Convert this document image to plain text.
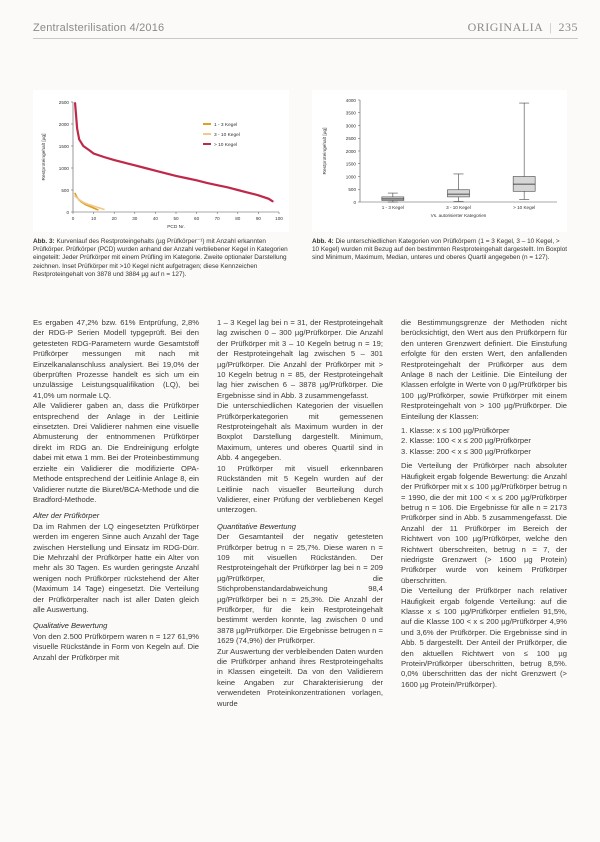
Zentralsterilisation 4/2016	ORIGINALIA | 235
0
500
1000
1500
2000
2500
0	10	20	30	40	50	60	70	80	90	100
PCD Nr.
Restproteingehalt [µg]
1 - 3 Kegel
3 - 10 Kegel
> 10 Kegel
Abb. 3: Kurvenlauf des Restproteingehalts (µg Prüfkörper⁻¹) mit Anzahl erkannten Prüfkörper. Prüfkörper (PCD) wurden anhand der Anzahl verbliebener Kegel in Kategorien eingeteilt: Jeder Prüfkörper mit einem Prüfling im Kategorie. Zweite optionaler Darstellung zeichnen. Inset Prüfkörper mit >10 Kegel nicht aufgetragen; diese Kennzeichen Restproteingehalt von 3878 und 3884 µg auf n = 127).
0
500
1000
1500
2000
2500
3000
3500
4000
Restproteingehalt [µg]
1 - 3 Kegel	3 - 10 Kegel	> 10 Kegel
Vs. autorisierter Kategorien
Abb. 4: Die unterschiedlichen Kategorien von Prüfkörpern (1 = 3 Kegel, 3 – 10 Kegel, > 10 Kegel) wurden mit Bezug auf den bestimmten Restproteingehalt dargestellt. Im Boxplot sind Minimum, Maximum, Median, unteres und oberes Quartil angegeben (n = 127).

Es ergaben 47,2% bzw. 61% Entprüfung, 2,8% der RDG-P Serien Modell typgeprüft. Bei den getesteten RDG-Parametern wurde Gesamtstoff Prüfkörper messungen mit nach mit Einzelkanalanschluss analysiert. Bei 19,0% der überprüften Prozesse handelt es sich um ein unzulässige Leistungsqualifikation (LQ), bei 41,0% um normale LQ.

Alle Validierer gaben an, dass die Prüfkörper entsprechend der Anlage in der Leitlinie einsetzten. Drei Validierer nahmen eine visuelle Abmusterung der entnommenen Prüfkörper direkt im RDG an. Die Endreinigung erfolgte dabei mit etwa 1 mm. Bei der Proteinbestimmung erzielte ein Validierer die modifizierte OPA-Methode entsprechend der Leitlinie Anlage 8, ein Validierer nutzte die Biuret/BCA-Methode und die Bradford-Methode.

Alter der Prüfkörper

Da im Rahmen der LQ eingesetzten Prüfkörper werden im engeren Sinne auch Anzahl der Tage zwischen Herstellung und Einsatz im RDG-Dürr. Die Mehrzahl der Prüfkörper hatte ein Alter von mehr als 30 Tagen. Es wurden geringste Anzahl wenigen noch Prüfkörper rückstehend der Alter (Maximum 14 Tage) eingesetzt. Die Verteilung der Prüfkörperalter nach ist aller Daten gleich alle Auswertung.

Qualitative Bewertung

Von den 2.500 Prüfkörpern waren n = 127 61,9% visuelle Rückstände in Form von Kegeln auf. Die Anzahl der Prüfkörper mit

1 – 3 Kegel lag bei n = 31, der Restproteingehalt lag zwischen 0 – 300 µg/Prüfkörper. Die Anzahl der Prüfkörper mit 3 – 10 Kegeln betrug n = 19; der Restproteingehalt lag zwischen 5 – 301 µg/Prüfkörper. Die Anzahl der Prüfkörper mit > 10 Kegeln betrug n = 85, der Restproteingehalt lag hier zwischen 6 – 3878 µg/Prüfkörper. Die Ergebnisse sind in Abb. 3 zusammengefasst.

Die unterschiedlichen Kategorien der visuellen Prüfkörperkategorien mit gemessenen Restproteingehalt als Maximum wurden in der Boxplot Darstellung dargestellt. Minimum, Maximum, unteres und oberes Quartil sind in Abb. 4 angegeben.

10 Prüfkörper mit visuell erkennbaren Rückständen mit 5 Kegeln wurden auf der Leitlinie nach visueller Beurteilung durch Validierer, einer Prüfung der verbliebenen Kegel unterzogen.

Quantitative Bewertung

Der Gesamtanteil der negativ getesteten Prüfkörper betrug n = 25,7%. Diese waren n = 109 mit visuellen Rückständen. Der Restproteingehalt der Prüfkörper lag bei n = 209 µg/Prüfkörper, die Stichprobenstandardabweichung 98,4 µg/Prüfkörper bei n = 25,3%. Die Anzahl der Prüfkörper, für die kein Restproteingehalt bestimmt werden konnte, lag zwischen 0 und 3878 µg/Prüfkörper. Die Ergebnisse betrugen n = 1629 (74,9%) der Prüfkörper.

Zur Auswertung der verbleibenden Daten wurden die Prüfkörper anhand ihres Restproteingehalts in Klassen eingeteilt. Da von den Validierern keine Angaben zur Charakterisierung der verwendeten Proteinkonzentrationen vorlagen, wurde

die Bestimmungsgrenze der Methoden nicht berücksichtigt, den Wert aus den Prüfkörpern für den unteren Grenzwert definiert. Die Einstufung erfolgte für den ersten Wert, den anfallenden Restproteingehalt der Prüfkörper aus dem Anlage 8 nach der Leitlinie. Die Einteilung der Klassen erfolgte in Werte von 0 µg/Prüfkörper bis 100 µg/Prüfkörper, sowie Prüfkörper mit einem Restproteingehalt von > 100 µg/Prüfkörper. Die Einteilung der Klassen:

1. Klasse: x ≤ 100 µg/Prüfkörper
2. Klasse: 100 < x ≤ 200 µg/Prüfkörper
3. Klasse: 200 < x ≤ 300 µg/Prüfkörper

Die Verteilung der Prüfkörper nach absoluter Häufigkeit ergab folgende Bewertung: die Anzahl der Prüfkörper mit x ≤ 100 µg/Prüfkörper betrug n = 1990, die der mit 100 < x ≤ 200 µg/Prüfkörper betrug n = 106. Die Ergebnisse für alle n = 2173 Prüfkörper sind in Abb. 5 zusammengefasst. Die Anzahl der 11 Prüfkörper im Bereich der Richtwert von 100 µg/Prüfkörper, welche den Richtwert überschreiten, betrug n = 7, der niedrigste Grenzwert (> 1600 µg Protein) Prüfkörper wurde von keinem Prüfkörper überschritten.

Die Verteilung der Prüfkörper nach relativer Häufigkeit ergab folgende Verteilung: auf die Klasse x ≤ 100 µg/Prüfkörper entfielen 91,5%, auf die Klasse 100 < x ≤ 200 µg/Prüfkörper 4,9% und 3,6% der Prüfkörper. Die Ergebnisse sind in Abb. 5 dargestellt. Der Anteil der Prüfkörper, die den aktuellen Richtwert von ≤ 100 µg Protein/Prüfkörper überschritten, betrug 8,5%. 0,0% überschritten das der nicht Grenzwert (> 1600 µg Protein/Prüfkörper).
